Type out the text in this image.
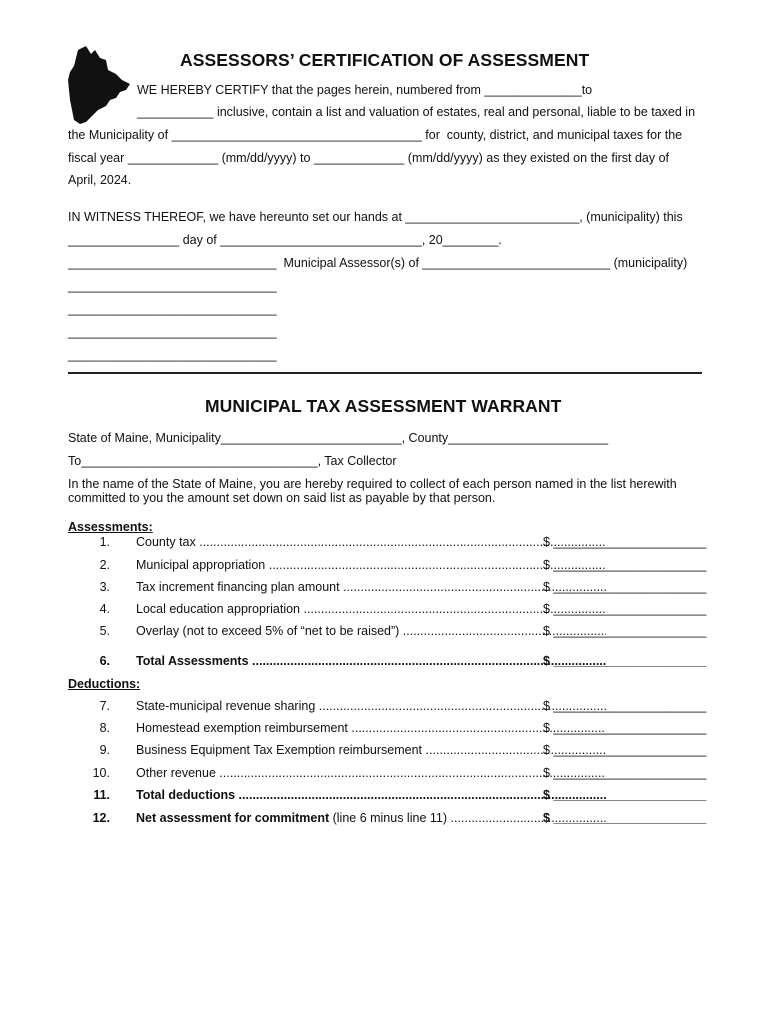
ASSESSORS’ CERTIFICATION OF ASSESSMENT
WE HEREBY CERTIFY that the pages herein, numbered from ______________to
___________ inclusive, contain a list and valuation of estates, real and personal, liable to be taxed in
the Municipality of ____________________________________ for  county, district, and municipal taxes for the
fiscal year _____________ (mm/dd/yyyy) to _____________ (mm/dd/yyyy) as they existed on the first day of
April, 2024.
IN WITNESS THEREOF, we have hereunto set our hands at _________________________, (municipality) this
________________ day of _____________________________, 20________.
______________________________  Municipal Assessor(s) of ___________________________ (municipality)
______________________________
______________________________
______________________________
______________________________
MUNICIPAL TAX ASSESSMENT WARRANT
State of Maine, Municipality__________________________, County_______________________
To__________________________________, Tax Collector
In the name of the State of Maine, you are hereby required to collect of each person named in the list herewith
committed to you the amount set down on said list as payable by that person.
Assessments:
1. County tax .....	$ ______________________
2. Municipal appropriation .....	$ ______________________
3. Tax increment financing plan amount .....	$ ______________________
4. Local education appropriation .....	$ ______________________
5. Overlay (not to exceed 5% of “net to be raised”) .....	$ ______________________
6. Total Assessments .....	$ ______________________
Deductions:
7. State-municipal revenue sharing .....	$ ______________________
8. Homestead exemption reimbursement .....	$ ______________________
9. Business Equipment Tax Exemption reimbursement .....	$ ______________________
10. Other revenue .....	$ ______________________
11. Total deductions .....	$ ______________________
12. Net assessment for commitment (line 6 minus line 11) .....	$ ______________________
